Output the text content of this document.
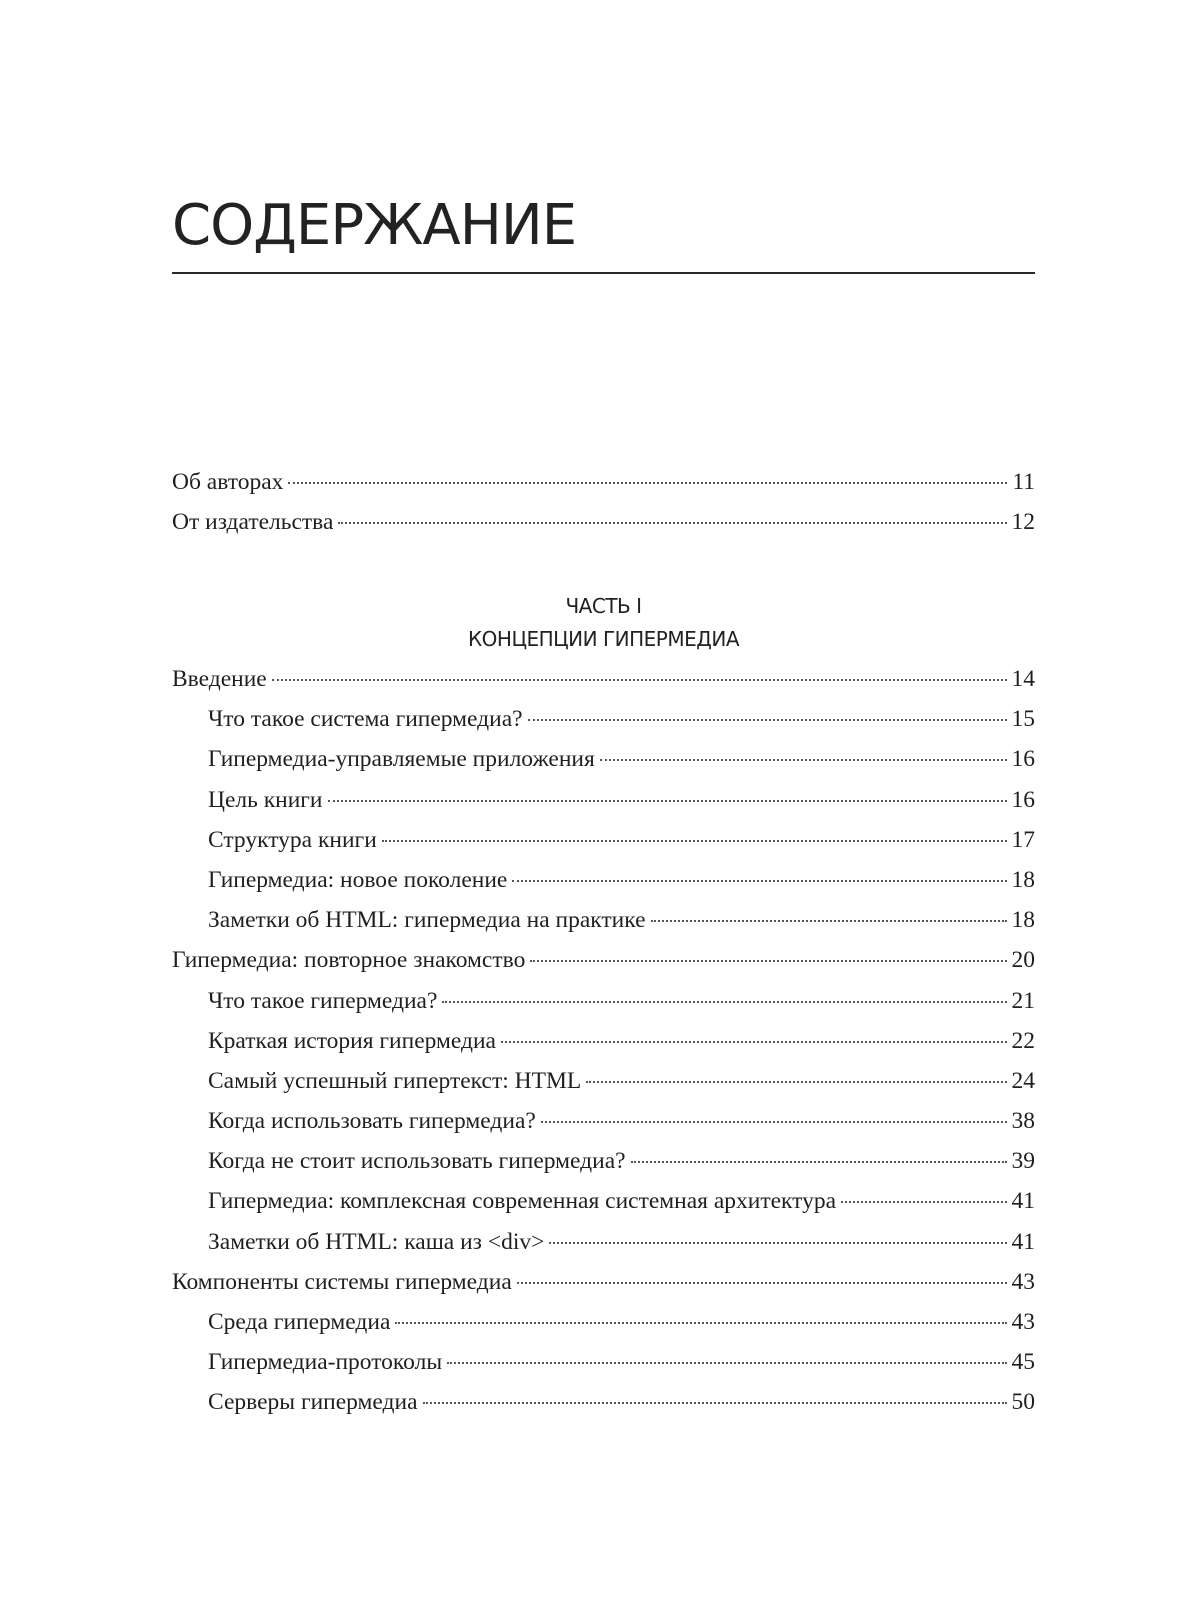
СОДЕРЖАНИЕ
Об авторах	11
От издательства	12
ЧАСТЬ I
КОНЦЕПЦИИ ГИПЕРМЕДИА
Введение	14
Что такое система гипермедиа?	15
Гипермедиа-управляемые приложения	16
Цель книги	16
Структура книги	17
Гипермедиа: новое поколение	18
Заметки об HTML: гипермедиа на практике	18
Гипермедиа: повторное знакомство	20
Что такое гипермедиа?	21
Краткая история гипермедиа	22
Самый успешный гипертекст: HTML	24
Когда использовать гипермедиа?	38
Когда не стоит использовать гипермедиа?	39
Гипермедиа: комплексная современная системная архитектура	41
Заметки об HTML: каша из <div>	41
Компоненты системы гипермедиа	43
Среда гипермедиа	43
Гипермедиа-протоколы	45
Серверы гипермедиа	50
